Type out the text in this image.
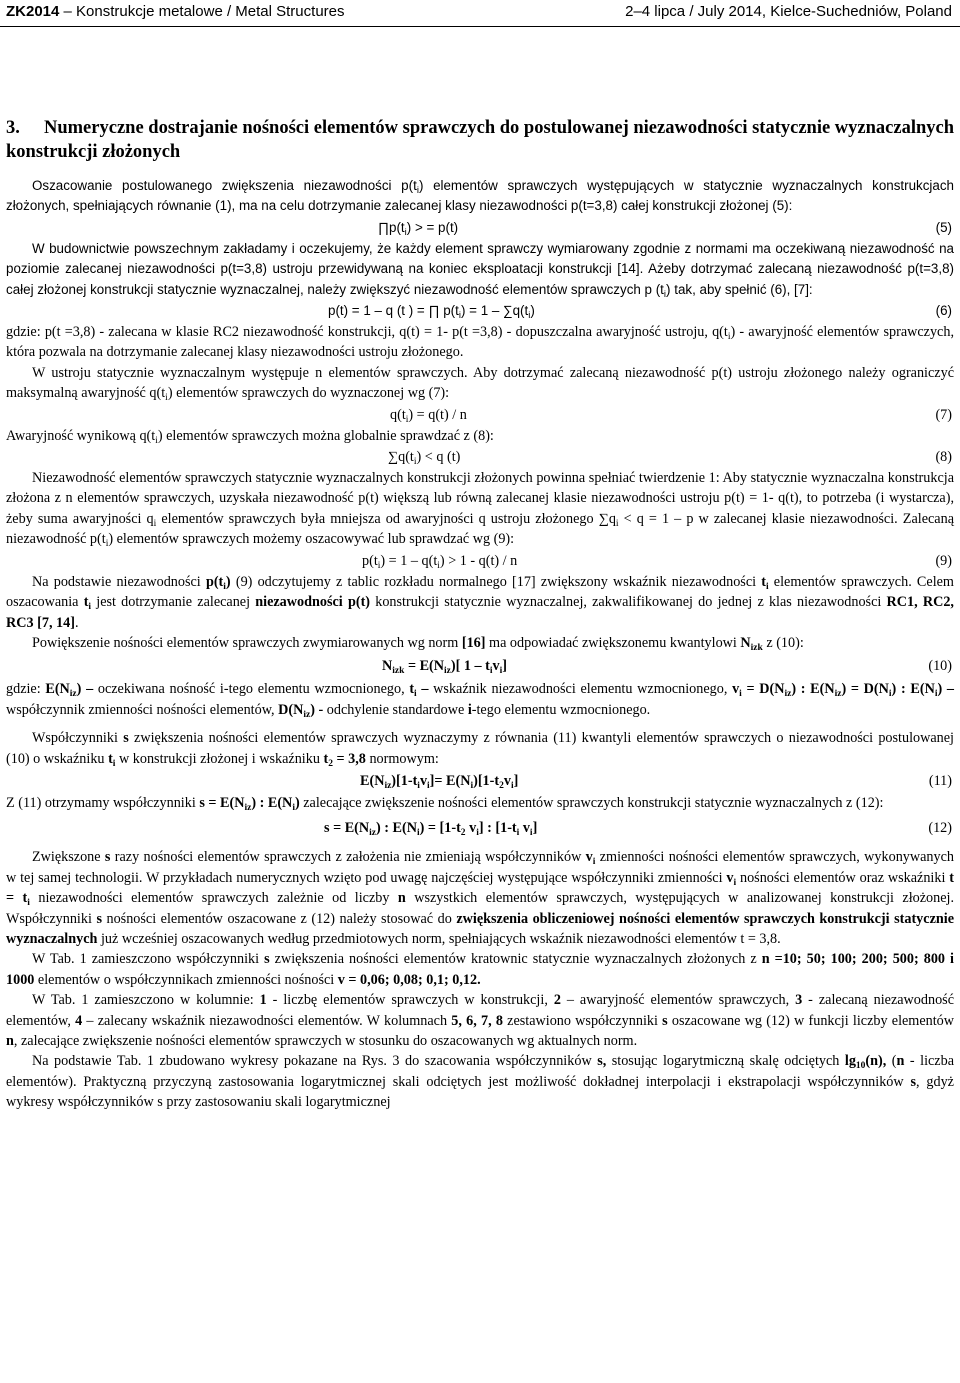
ZK2014 – Konstrukcje metalowe / Metal Structures	2–4 lipca / July 2014, Kielce-Suchedniów, Poland
3. Numeryczne dostrajanie nośności elementów sprawczych do postulowanej niezawodności statycznie wyznaczalnych konstrukcji złożonych

Oszacowanie postulowanego zwiększenia niezawodności $p(t_i)$ elementów sprawczych występujących w statycznie wyznaczalnych konstrukcjach złożonych, spełniających równanie (1), ma na celu dotrzymanie zalecanej klasy niezawodności p(t=3,8) całej konstrukcji złożonej (5):

$\prod p(t_i)$ > = p(t)	(5)

W budownictwie powszechnym zakładamy i oczekujemy, że każdy element sprawczy wymiarowany zgodnie z normami ma oczekiwaną niezawodność na poziomie zalecanej niezawodności p(t=3,8) ustroju przewidywaną na koniec eksploatacji konstrukcji [14]. Ażeby dotrzymać zalecaną niezawodność p(t=3,8) całej złożonej konstrukcji statycznie wyznaczalnej, należy zwiększyć niezawodność elementów sprawczych p $(t_i)$ tak, aby spełnić (6), [7]:

p(t) = 1 – q (t ) = ∏ $p(t_i) = 1 - \sum q(t_i)$	(6)

gdzie: p(t =3,8) - zalecana w klasie RC2 niezawodność konstrukcji, q(t) = 1- p(t =3,8) - dopuszczalna awaryjność ustroju, $q(t_i)$ - awaryjność elementów sprawczych, która pozwala na dotrzymanie zalecanej klasy niezawodności ustroju złożonego.

W ustroju statycznie wyznaczalnym występuje n elementów sprawczych. Aby dotrzymać zalecaną niezawodność p(t) ustroju złożonego należy ograniczyć maksymalną awaryjność $q(t_i)$ elementów sprawczych do wyznaczonej wg (7):

$q(t_i) = q(t) / n$	(7)

Awaryjność wynikową $q(t_i)$ elementów sprawczych można globalnie sprawdzać z (8):

$\sum q(t_i) < q$ (t)	(8)

Niezawodność elementów sprawczych statycznie wyznaczalnych konstrukcji złożonych powinna spełniać twierdzenie 1: Aby statycznie wyznaczalna konstrukcja złożona z n elementów sprawczych, uzyskała niezawodność p(t) większą lub równą zalecanej klasie niezawodności ustroju p(t) = 1- q(t), to potrzeba (i wystarcza), żeby suma awaryjności $q_i$ elementów sprawczych była mniejsza od awaryjności q ustroju złożonego $\sum q_i < q = 1 - p$ w zalecanej klasie niezawodności. Zalecaną niezawodność $p(t_i)$ elementów sprawczych możemy oszacowywać lub sprawdzać wg (9):

$p(t_i) = 1 - q(t_i) > 1 - q(t) / n$	(9)

Na podstawie niezawodności $p(t_i)$ (9) odczytujemy z tablic rozkładu normalnego [17] zwiększony wskaźnik niezawodności $t_i$ elementów sprawczych. Celem oszacowania $t_i$ jest dotrzymanie zalecanej niezawodności p(t) konstrukcji statycznie wyznaczalnej, zakwalifikowanej do jednej z klas niezawodności RC1, RC2, RC3 [7, 14].

Powiększenie nośności elementów sprawczych zwymiarowanych wg norm [16] ma odpowiadać zwiększonemu kwantylowi $N_{izk}$ z (10):

$N_{izk} = E(N_{iz})$[ $1 - t_iv_i$]	(10)

gdzie: $E(N_{iz})$ – oczekiwana nośność i-tego elementu wzmocnionego, $t_i$ – wskaźnik niezawodności elementu wzmocnionego, $v_i = D(N_{iz})$ : $E(N_{iz}) = D(N_i)$ : $E(N_i)$ – współczynnik zmienności nośności elementów, $D(N_{iz})$ - odchylenie standardowe i-tego elementu wzmocnionego.

Współczynniki s zwiększenia nośności elementów sprawczych wyznaczymy z równania (11) kwantyli elementów sprawczych o niezawodności postulowanej (10) o wskaźniku $t_i$ w konstrukcji złożonej i wskaźniku $t_2 = 3,8$ normowym:

$E(N_{iz})[1-t_iv_i]= E(N_i)[1-t_2v_i]$	(11)

Z (11) otrzymamy współczynniki $s = E(N_{iz})$ : $E(N_i)$ zalecające zwiększenie nośności elementów sprawczych konstrukcji statycznie wyznaczalnych z (12):

$s = E(N_{iz})$ : $E(N_i) = [1-t_2$ $v_i$] : [$1-t_i$ $v_i$]	(12)

Zwiększone s razy nośności elementów sprawczych z założenia nie zmieniają współczynników $v_i$ zmienności nośności elementów sprawczych, wykonywanych w tej samej technologii. W przykładach numerycznych wzięto pod uwagę najczęściej występujące współczynniki zmienności $v_i$ nośności elementów oraz wskaźniki $t = t_i$ niezawodności elementów sprawczych zależnie od liczby n wszystkich elementów sprawczych, występujących w analizowanej konstrukcji złożonej. Współczynniki s nośności elementów oszacowane z (12) należy stosować do zwiększenia obliczeniowej nośności elementów sprawczych konstrukcji statycznie wyznaczalnych już wcześniej oszacowanych według przedmiotowych norm, spełniających wskaźnik niezawodności elementów t = 3,8.

W Tab. 1 zamieszczono współczynniki s zwiększenia nośności elementów kratownic statycznie wyznaczalnych złożonych z n =10; 50; 100; 200; 500; 800 i 1000 elementów o współczynnikach zmienności nośności v = 0,06; 0,08; 0,1; 0,12.

W Tab. 1 zamieszczono w kolumnie: 1 - liczbę elementów sprawczych w konstrukcji, 2 – awaryjność elementów sprawczych, 3 - zalecaną niezawodność elementów, 4 – zalecany wskaźnik niezawodności elementów. W kolumnach 5, 6, 7, 8 zestawiono współczynniki s oszacowane wg (12) w funkcji liczby elementów n, zalecające zwiększenie nośności elementów sprawczych w stosunku do oszacowanych wg aktualnych norm.

Na podstawie Tab. 1 zbudowano wykresy pokazane na Rys. 3 do szacowania współczynników s, stosując logarytmiczną skalę odciętych $\lg_{10}(n)$, (n - liczba elementów). Praktyczną przyczyną zastosowania logarytmicznej skali odciętych jest możliwość dokładnej interpolacji i ekstrapolacji współczynników s, gdyż wykresy współczynników s przy zastosowaniu skali logarytmicznej
